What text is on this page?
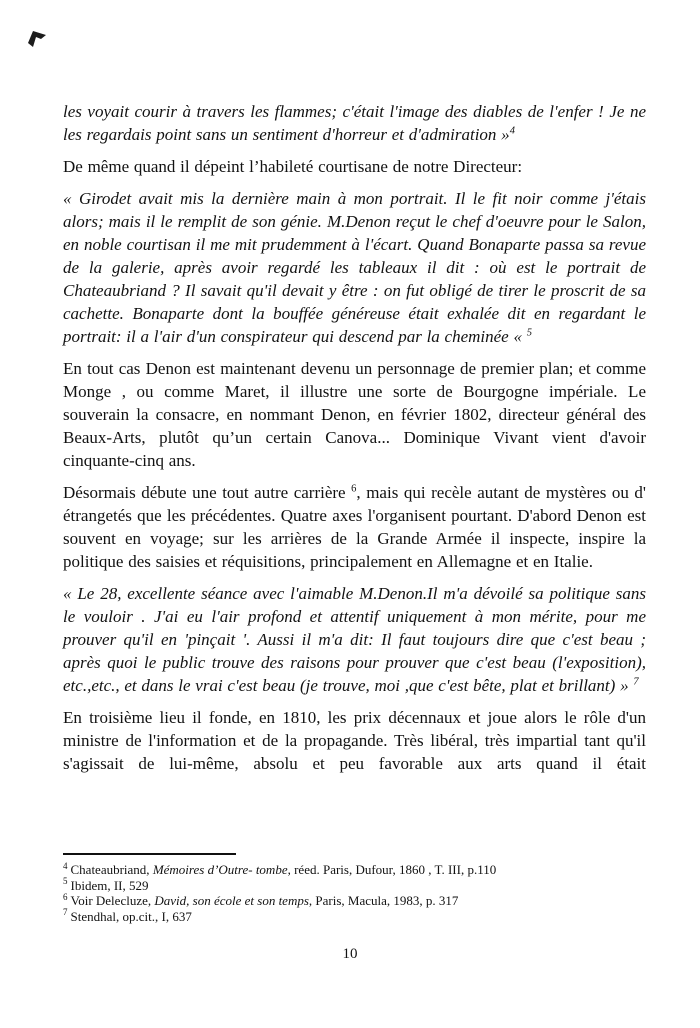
les voyait courir à travers les flammes; c'était l'image des diables de l'enfer ! Je ne les regardais point sans un sentiment d'horreur et d'admiration »$^4$

De même quand il dépeint l’habileté courtisane de notre Directeur:

« Girodet avait mis la dernière main à mon portrait. Il le fit noir comme j'étais alors; mais il le remplit de son génie. M.Denon reçut le chef d'oeuvre pour le Salon, en noble courtisan il me mit prudemment à l'écart. Quand Bonaparte passa sa revue de la galerie, après avoir regardé les tableaux il dit : où est le portrait de Chateaubriand ? Il savait qu'il devait y être : on fut obligé de tirer le proscrit de sa cachette. Bonaparte dont la bouffée généreuse était exhalée dit en regardant le portrait: il a l'air d'un conspirateur qui descend par la cheminée « $^5$

En tout cas Denon est maintenant devenu un personnage de premier plan; et comme Monge , ou comme Maret, il illustre une sorte de Bourgogne impériale. Le souverain la consacre, en nommant Denon, en février 1802, directeur général des Beaux-Arts, plutôt qu’un certain Canova... Dominique Vivant vient d'avoir cinquante-cinq ans.

Désormais débute une tout autre carrière $^6$, mais qui recèle autant de mystères ou d' étrangetés que les précédentes. Quatre axes l'organisent pourtant. D'abord Denon est souvent en voyage; sur les arrières de la Grande Armée il inspecte, inspire la politique des saisies et réquisitions, principalement en Allemagne et en Italie.

« Le 28, excellente séance avec l'aimable M.Denon.Il m'a dévoilé sa politique sans le vouloir . J'ai eu l'air profond et attentif uniquement à mon mérite, pour me prouver qu'il en 'pinçait '. Aussi il m'a dit: Il faut toujours dire que c'est beau ; après quoi le public trouve des raisons pour prouver que c'est beau (l'exposition), etc.,etc., et dans le vrai c'est beau (je trouve, moi ,que c'est bête, plat et brillant) » $^7$

En troisième lieu il fonde, en 1810, les prix décennaux et joue alors le rôle d'un ministre de l'information et de la propagande. Très libéral, très impartial tant qu'il s'agissait de lui-même, absolu et peu favorable aux arts quand il était

$^4$ Chateaubriand, Mémoires d’Outre- tombe, réed. Paris, Dufour, 1860 , T. III, p.110
$^5$ Ibidem, II, 529
$^6$ Voir Delecluze, David, son école et son temps, Paris, Macula, 1983, p. 317
$^7$ Stendhal, op.cit., I, 637
10
